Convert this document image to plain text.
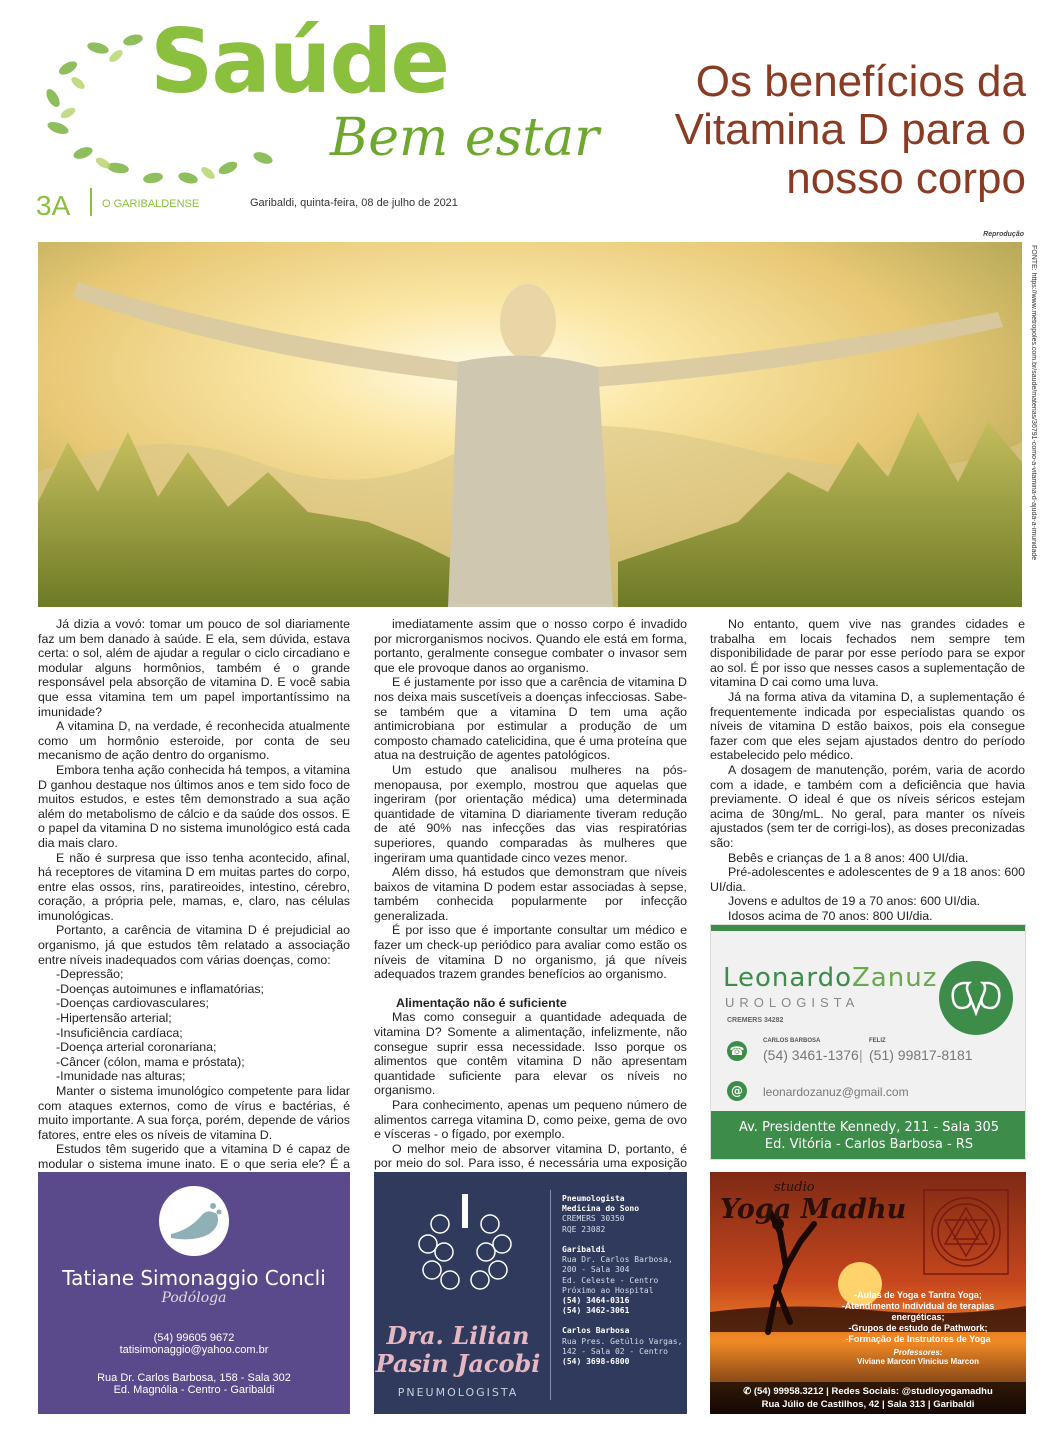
Saúde
Bem estar
3A	O GARIBALDENSE	Garibaldi, quinta-feira, 08 de julho de 2021
Os benefícios da Vitamina D para o nosso corpo
Reprodução
FONTE: https://www.metropoles.com.br/saude/materias/36791-como-a-vitamina-d-ajuda-a-imunidade

Já dizia a vovó: tomar um pouco de sol diariamente faz um bem danado à saúde. E ela, sem dúvida, estava certa: o sol, além de ajudar a regular o ciclo circadiano e modular alguns hormônios, também é o grande responsável pela absorção de vitamina D. E você sabia que essa vitamina tem um papel importantíssimo na imunidade?

A vitamina D, na verdade, é reconhecida atualmente como um hormônio esteroide, por conta de seu mecanismo de ação dentro do organismo.

Embora tenha ação conhecida há tempos, a vitamina D ganhou destaque nos últimos anos e tem sido foco de muitos estudos, e estes têm demonstrado a sua ação além do metabolismo de cálcio e da saúde dos ossos. E o papel da vitamina D no sistema imunológico está cada dia mais claro.

E não é surpresa que isso tenha acontecido, afinal, há receptores de vitamina D em muitas partes do corpo, entre elas ossos, rins, paratireoides, intestino, cérebro, coração, a própria pele, mamas, e, claro, nas células imunológicas.

Portanto, a carência de vitamina D é prejudicial ao organismo, já que estudos têm relatado a associação entre níveis inadequados com várias doenças, como:

-Depressão;

-Doenças autoimunes e inflamatórias;

-Doenças cardiovasculares;

-Hipertensão arterial;

-Insuficiência cardíaca;

-Doença arterial coronariana;

-Câncer (cólon, mama e próstata);

-Imunidade nas alturas;

Manter o sistema imunológico competente para lidar com ataques externos, como de vírus e bactérias, é muito importante. A sua força, porém, depende de vários fatores, entre eles os níveis de vitamina D.

Estudos têm sugerido que a vitamina D é capaz de modular o sistema imune inato. E o que seria ele? É a

imediatamente assim que o nosso corpo é invadido por microrganismos nocivos. Quando ele está em forma, portanto, geralmente consegue combater o invasor sem que ele provoque danos ao organismo.

E é justamente por isso que a carência de vitamina D nos deixa mais suscetíveis a doenças infecciosas. Sabe-se também que a vitamina D tem uma ação antimicrobiana por estimular a produção de um composto chamado catelicidina, que é uma proteína que atua na destruição de agentes patológicos.

Um estudo que analisou mulheres na pós-menopausa, por exemplo, mostrou que aquelas que ingeriram (por orientação médica) uma determinada quantidade de vitamina D diariamente tiveram redução de até 90% nas infecções das vias respiratórias superiores, quando comparadas às mulheres que ingeriram uma quantidade cinco vezes menor.

Além disso, há estudos que demonstram que níveis baixos de vitamina D podem estar associadas à sepse, também conhecida popularmente por infecção generalizada.

É por isso que é importante consultar um médico e fazer um check-up periódico para avaliar como estão os níveis de vitamina D no organismo, já que níveis adequados trazem grandes benefícios ao organismo.

Alimentação não é suficiente

Mas como conseguir a quantidade adequada de vitamina D? Somente a alimentação, infelizmente, não consegue suprir essa necessidade. Isso porque os alimentos que contêm vitamina D não apresentam quantidade suficiente para elevar os níveis no organismo.

Para conhecimento, apenas um pequeno número de alimentos carrega vitamina D, como peixe, gema de ovo e vísceras - o fígado, por exemplo.

O melhor meio de absorver vitamina D, portanto, é por meio do sol. Para isso, é necessária uma exposição

No entanto, quem vive nas grandes cidades e trabalha em locais fechados nem sempre tem disponibilidade de parar por esse período para se expor ao sol. É por isso que nesses casos a suplementação de vitamina D cai como uma luva.

Já na forma ativa da vitamina D, a suplementação é frequentemente indicada por especialistas quando os níveis de vitamina D estão baixos, pois ela consegue fazer com que eles sejam ajustados dentro do período estabelecido pelo médico.

A dosagem de manutenção, porém, varia de acordo com a idade, e também com a deficiência que havia previamente. O ideal é que os níveis séricos estejam acima de 30ng/mL. No geral, para manter os níveis ajustados (sem ter de corrigi-los), as doses preconizadas são:

Bebês e crianças de 1 a 8 anos: 400 UI/dia.

Pré-adolescentes e adolescentes de 9 a 18 anos: 600 UI/dia.

Jovens e adultos de 19 a 70 anos: 600 UI/dia.

Idosos acima de 70 anos: 800 UI/dia.

LeonardoZanuz
UROLOGISTA
CREMERS 34282
☎
CARLOS BARBOSA
(54) 3461-1376 |
FELIZ
(51) 99817-8181
@	leonardozanuz@gmail.com
Av. Presidentte Kennedy, 211 - Sala 305
Ed. Vitória - Carlos Barbosa - RS
Tatiane Simonaggio Concli
Podóloga
(54) 99605 9672
tatisimonaggio@yahoo.com.br
Rua Dr. Carlos Barbosa, 158 - Sala 302
Ed. Magnólia - Centro - Garibaldi
Dra. Lilian
Pasin Jacobi
PNEUMOLOGISTA
Pneumologista
Medicina do Sono
CREMERS 30350
RQE 23082
Garibaldi
Rua Dr. Carlos Barbosa,
200 - Sala 304
Ed. Celeste - Centro
Próximo ao Hospital
(54) 3464-0316
(54) 3462-3061
Carlos Barbosa
Rua Pres. Getúlio Vargas,
142 - Sala 02 - Centro
(54) 3698-6800
studio
Yoga Madhu
-Aulas de Yoga e Tantra Yoga;
-Atendimento Individual de terapias energéticas;
-Grupos de estudo de Pathwork;
-Formação de Instrutores de Yoga
Professores:
Viviane Marcon Vinicius Marcon
✆ (54) 99958.3212 | Redes Sociais: @studioyogamadhu
Rua Júlio de Castilhos, 42 | Sala 313 | Garibaldi
